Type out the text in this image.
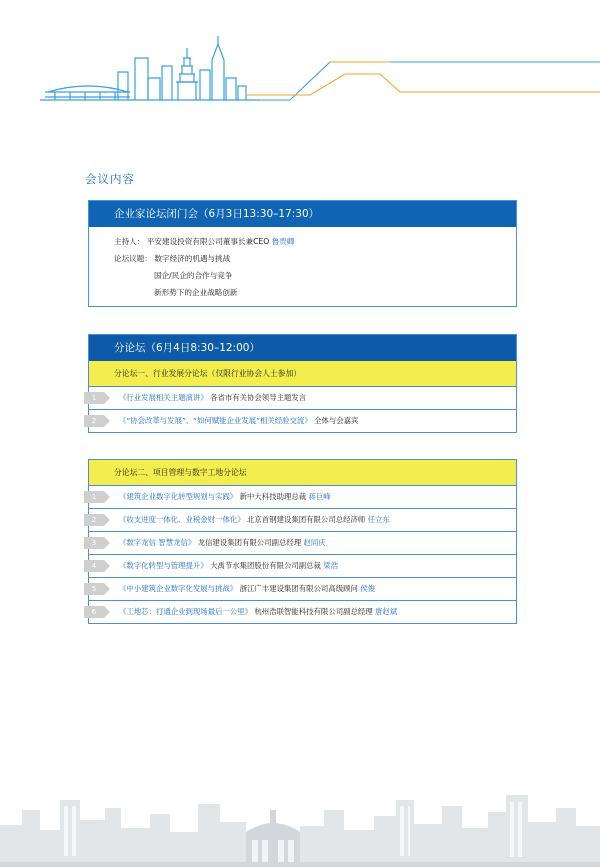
会议内容
企业家论坛闭门会（6月3日13:30–17:30）
主持人： 平安建设投资有限公司董事长兼CEO 鲁贵卿
论坛议题： 数字经济的机遇与挑战
国企/民企的合作与竞争
新形势下的企业战略创新
分论坛（6月4日8:30–12:00）
分论坛一、行业发展分论坛（仅限行业协会人士参加）
1	《行业发展相关主题演讲》 各省市有关协会领导主题发言
2	《“协会改革与发展”、“如何赋能企业发展”相关经验交流》 全体与会嘉宾
分论坛二、项目管理与数字工地分论坛
1	《建筑企业数字化转型规划与实践》 新中大科技助理总裁 蒋巨峰
2	《收支进度一体化、业税金财一体化》 北京首钢建设集团有限公司总经济师 任立东
3	《数字龙信 智慧龙信》 龙信建设集团有限公司副总经理 赵同庆
4	《数字化转型与管理提升》 大禹节水集团股份有限公司副总裁 梁浩
5	《中小建筑企业数字化发展与挑战》 浙江广丰建设集团有限公司高级顾问 侯俊
6	《工地芯：打通企业到现场最后一公里》 杭州浩联智能科技有限公司副总经理 唐赵斌
